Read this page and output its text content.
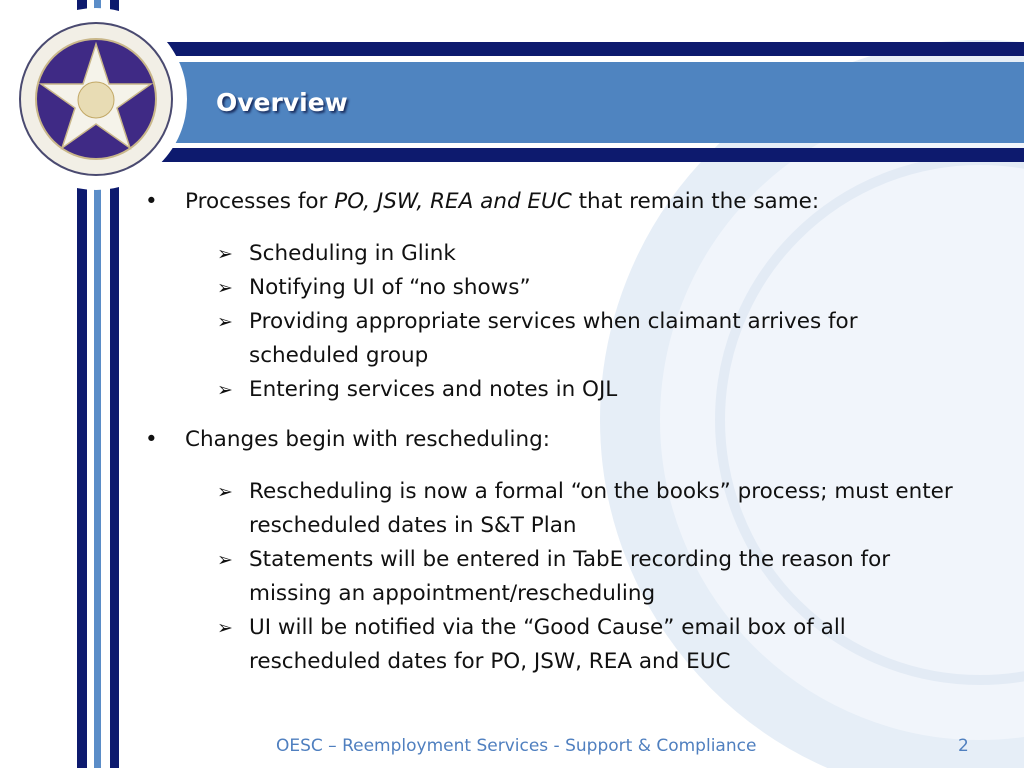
Overview
• Processes for PO, JSW, REA and EUC that remain the same:
➢ Scheduling in Glink
➢ Notifying UI of “no shows”
➢ Providing appropriate services when claimant arrives for scheduled group
➢ Entering services and notes in OJL
• Changes begin with rescheduling:
➢ Rescheduling is now a formal “on the books” process; must enter rescheduled dates in S&T Plan
➢ Statements will be entered in TabE recording the reason for missing an appointment/rescheduling
➢ UI will be notified via the “Good Cause” email box of all rescheduled dates for PO, JSW, REA and EUC
OESC – Reemployment Services - Support & Compliance	2
